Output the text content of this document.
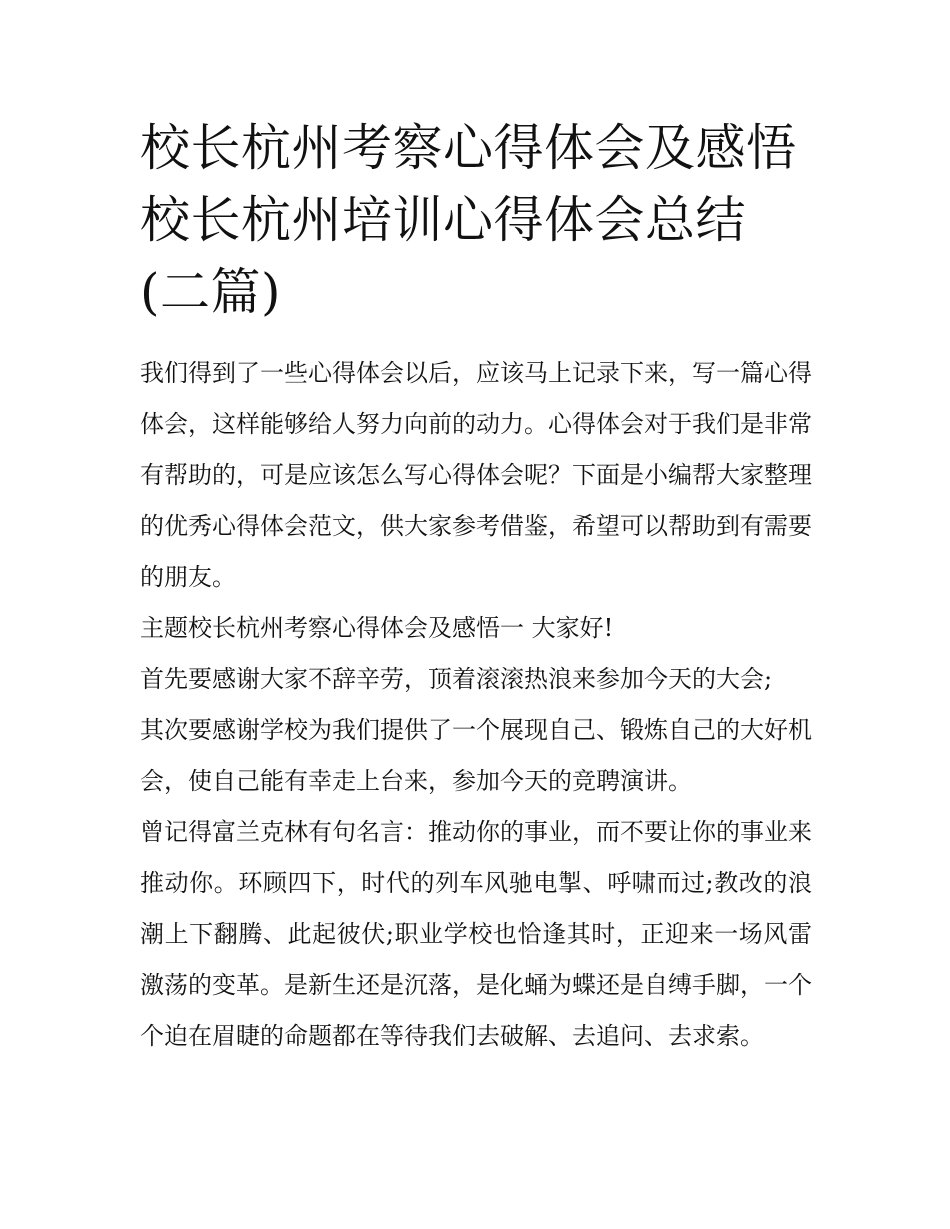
校长杭州考察心得体会及感悟 校长杭州培训心得体会总结(二篇)

我们得到了一些心得体会以后，应该马上记录下来，写一篇心得体会，这样能够给人努力向前的动力。心得体会对于我们是非常有帮助的，可是应该怎么写心得体会呢？下面是小编帮大家整理的优秀心得体会范文，供大家参考借鉴，希望可以帮助到有需要的朋友。

主题校长杭州考察心得体会及感悟一 大家好!

首先要感谢大家不辞辛劳，顶着滚滚热浪来参加今天的大会;

其次要感谢学校为我们提供了一个展现自己、锻炼自己的大好机会，使自己能有幸走上台来，参加今天的竞聘演讲。

曾记得富兰克林有句名言：推动你的事业，而不要让你的事业来推动你。环顾四下，时代的列车风驰电掣、呼啸而过;教改的浪潮上下翻腾、此起彼伏;职业学校也恰逢其时，正迎来一场风雷激荡的变革。是新生还是沉落，是化蛹为蝶还是自缚手脚，一个个迫在眉睫的命题都在等待我们去破解、去追问、去求索。
